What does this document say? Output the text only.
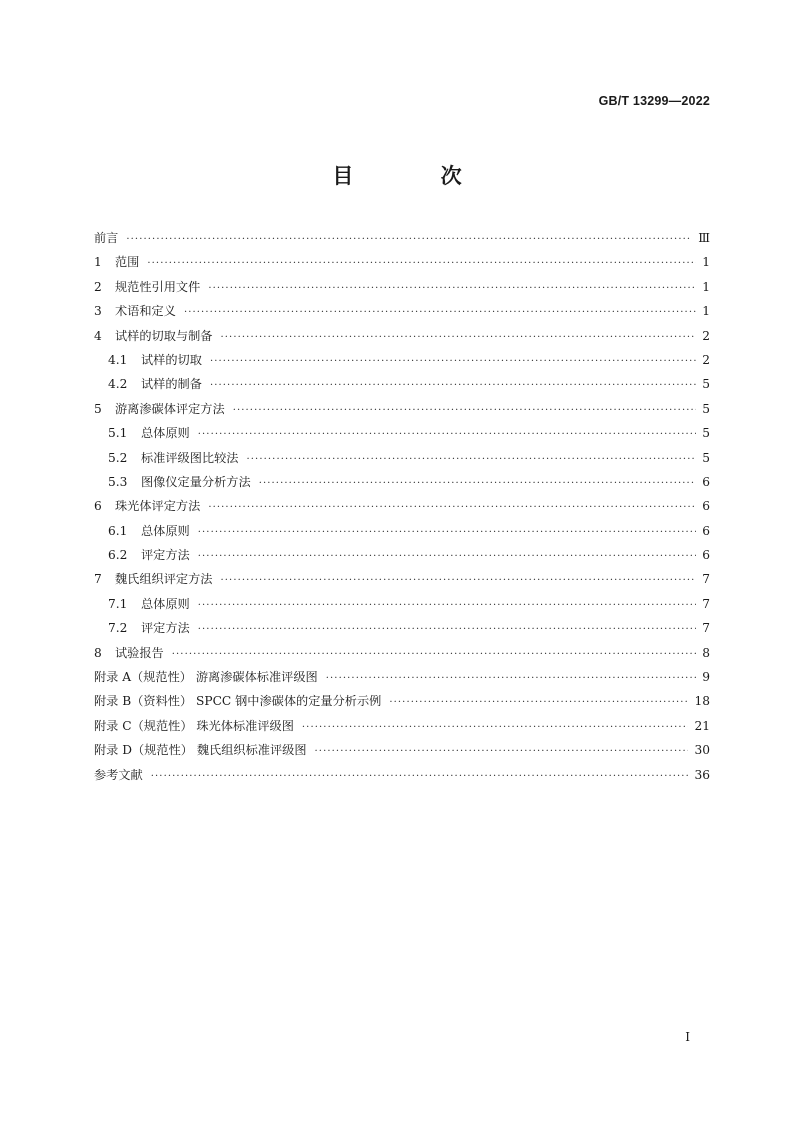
GB/T 13299—2022
目 次
前言 ·····	Ⅲ
1	范围 ·····	1
2	规范性引用文件 ·····	1
3	术语和定义 ·····	1
4	试样的切取与制备 ·····	2
4.1	试样的切取 ·····	2
4.2	试样的制备 ·····	5
5	游离渗碳体评定方法 ·····	5
5.1	总体原则 ·····	5
5.2	标准评级图比较法 ·····	5
5.3	图像仪定量分析方法 ·····	6
6	珠光体评定方法 ·····	6
6.1	总体原则 ·····	6
6.2	评定方法 ·····	6
7	魏氏组织评定方法 ·····	7
7.1	总体原则 ·····	7
7.2	评定方法 ·····	7
8	试验报告 ·····	8
附录 A（规范性） 游离渗碳体标准评级图 ·····	9
附录 B（资料性） SPCC 钢中渗碳体的定量分析示例 ·····	18
附录 C（规范性） 珠光体标准评级图 ·····	21
附录 D（规范性） 魏氏组织标准评级图 ·····	30
参考文献 ·····	36
I
